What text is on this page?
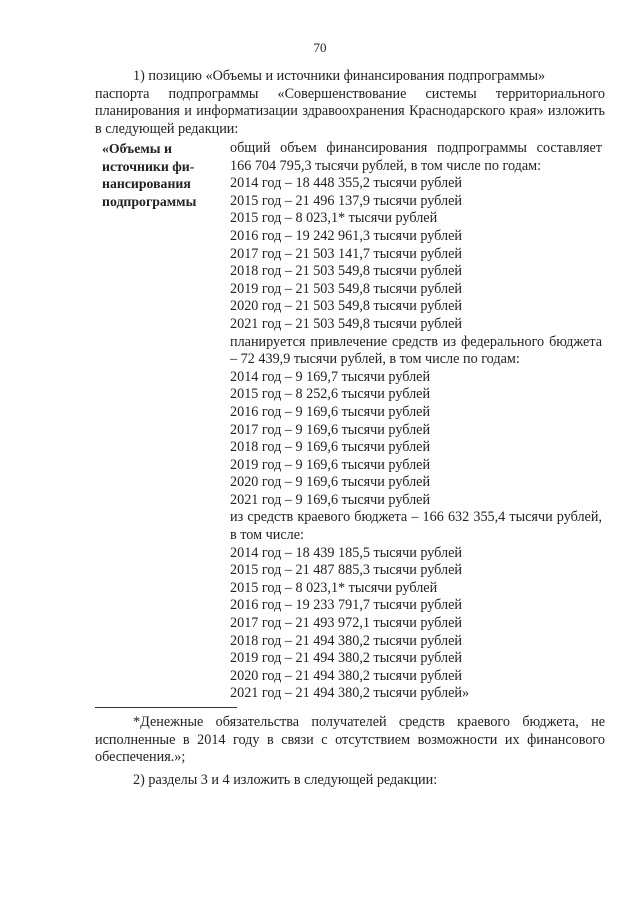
70

1) позицию «Объемы и источники финансирования подпрограммы»

паспорта подпрограммы «Совершенствование системы территориального планирования и информатизации здравоохранения Краснодарского края» изложить в следующей редакции:

«Объемы и
источники фи-
нансирования
подпрограммы
общий объем финансирования подпрограммы составляет 166 704 795,3 тысячи рублей, в том числе по годам:
2014 год – 18 448 355,2 тысячи рублей
2015 год – 21 496 137,9 тысячи рублей
2015 год – 8 023,1* тысячи рублей
2016 год – 19 242 961,3 тысячи рублей
2017 год – 21 503 141,7 тысячи рублей
2018 год – 21 503 549,8 тысячи рублей
2019 год – 21 503 549,8 тысячи рублей
2020 год – 21 503 549,8 тысячи рублей
2021 год – 21 503 549,8 тысячи рублей
планируется привлечение средств из федерального бюджета – 72 439,9 тысячи рублей, в том числе по годам:
2014 год – 9 169,7 тысячи рублей
2015 год – 8 252,6 тысячи рублей
2016 год – 9 169,6 тысячи рублей
2017 год – 9 169,6 тысячи рублей
2018 год – 9 169,6 тысячи рублей
2019 год – 9 169,6 тысячи рублей
2020 год – 9 169,6 тысячи рублей
2021 год – 9 169,6 тысячи рублей
из средств краевого бюджета – 166 632 355,4 тысячи рублей, в том числе:
2014 год – 18 439 185,5 тысячи рублей
2015 год – 21 487 885,3 тысячи рублей
2015 год – 8 023,1* тысячи рублей
2016 год – 19 233 791,7 тысячи рублей
2017 год – 21 493 972,1 тысячи рублей
2018 год – 21 494 380,2 тысячи рублей
2019 год – 21 494 380,2 тысячи рублей
2020 год – 21 494 380,2 тысячи рублей
2021 год – 21 494 380,2 тысячи рублей»
*Денежные обязательства получателей средств краевого бюджета, не исполненные в 2014 году в связи с отсутствием возможности их финансового обеспечения.»;
2) разделы 3 и 4 изложить в следующей редакции:
